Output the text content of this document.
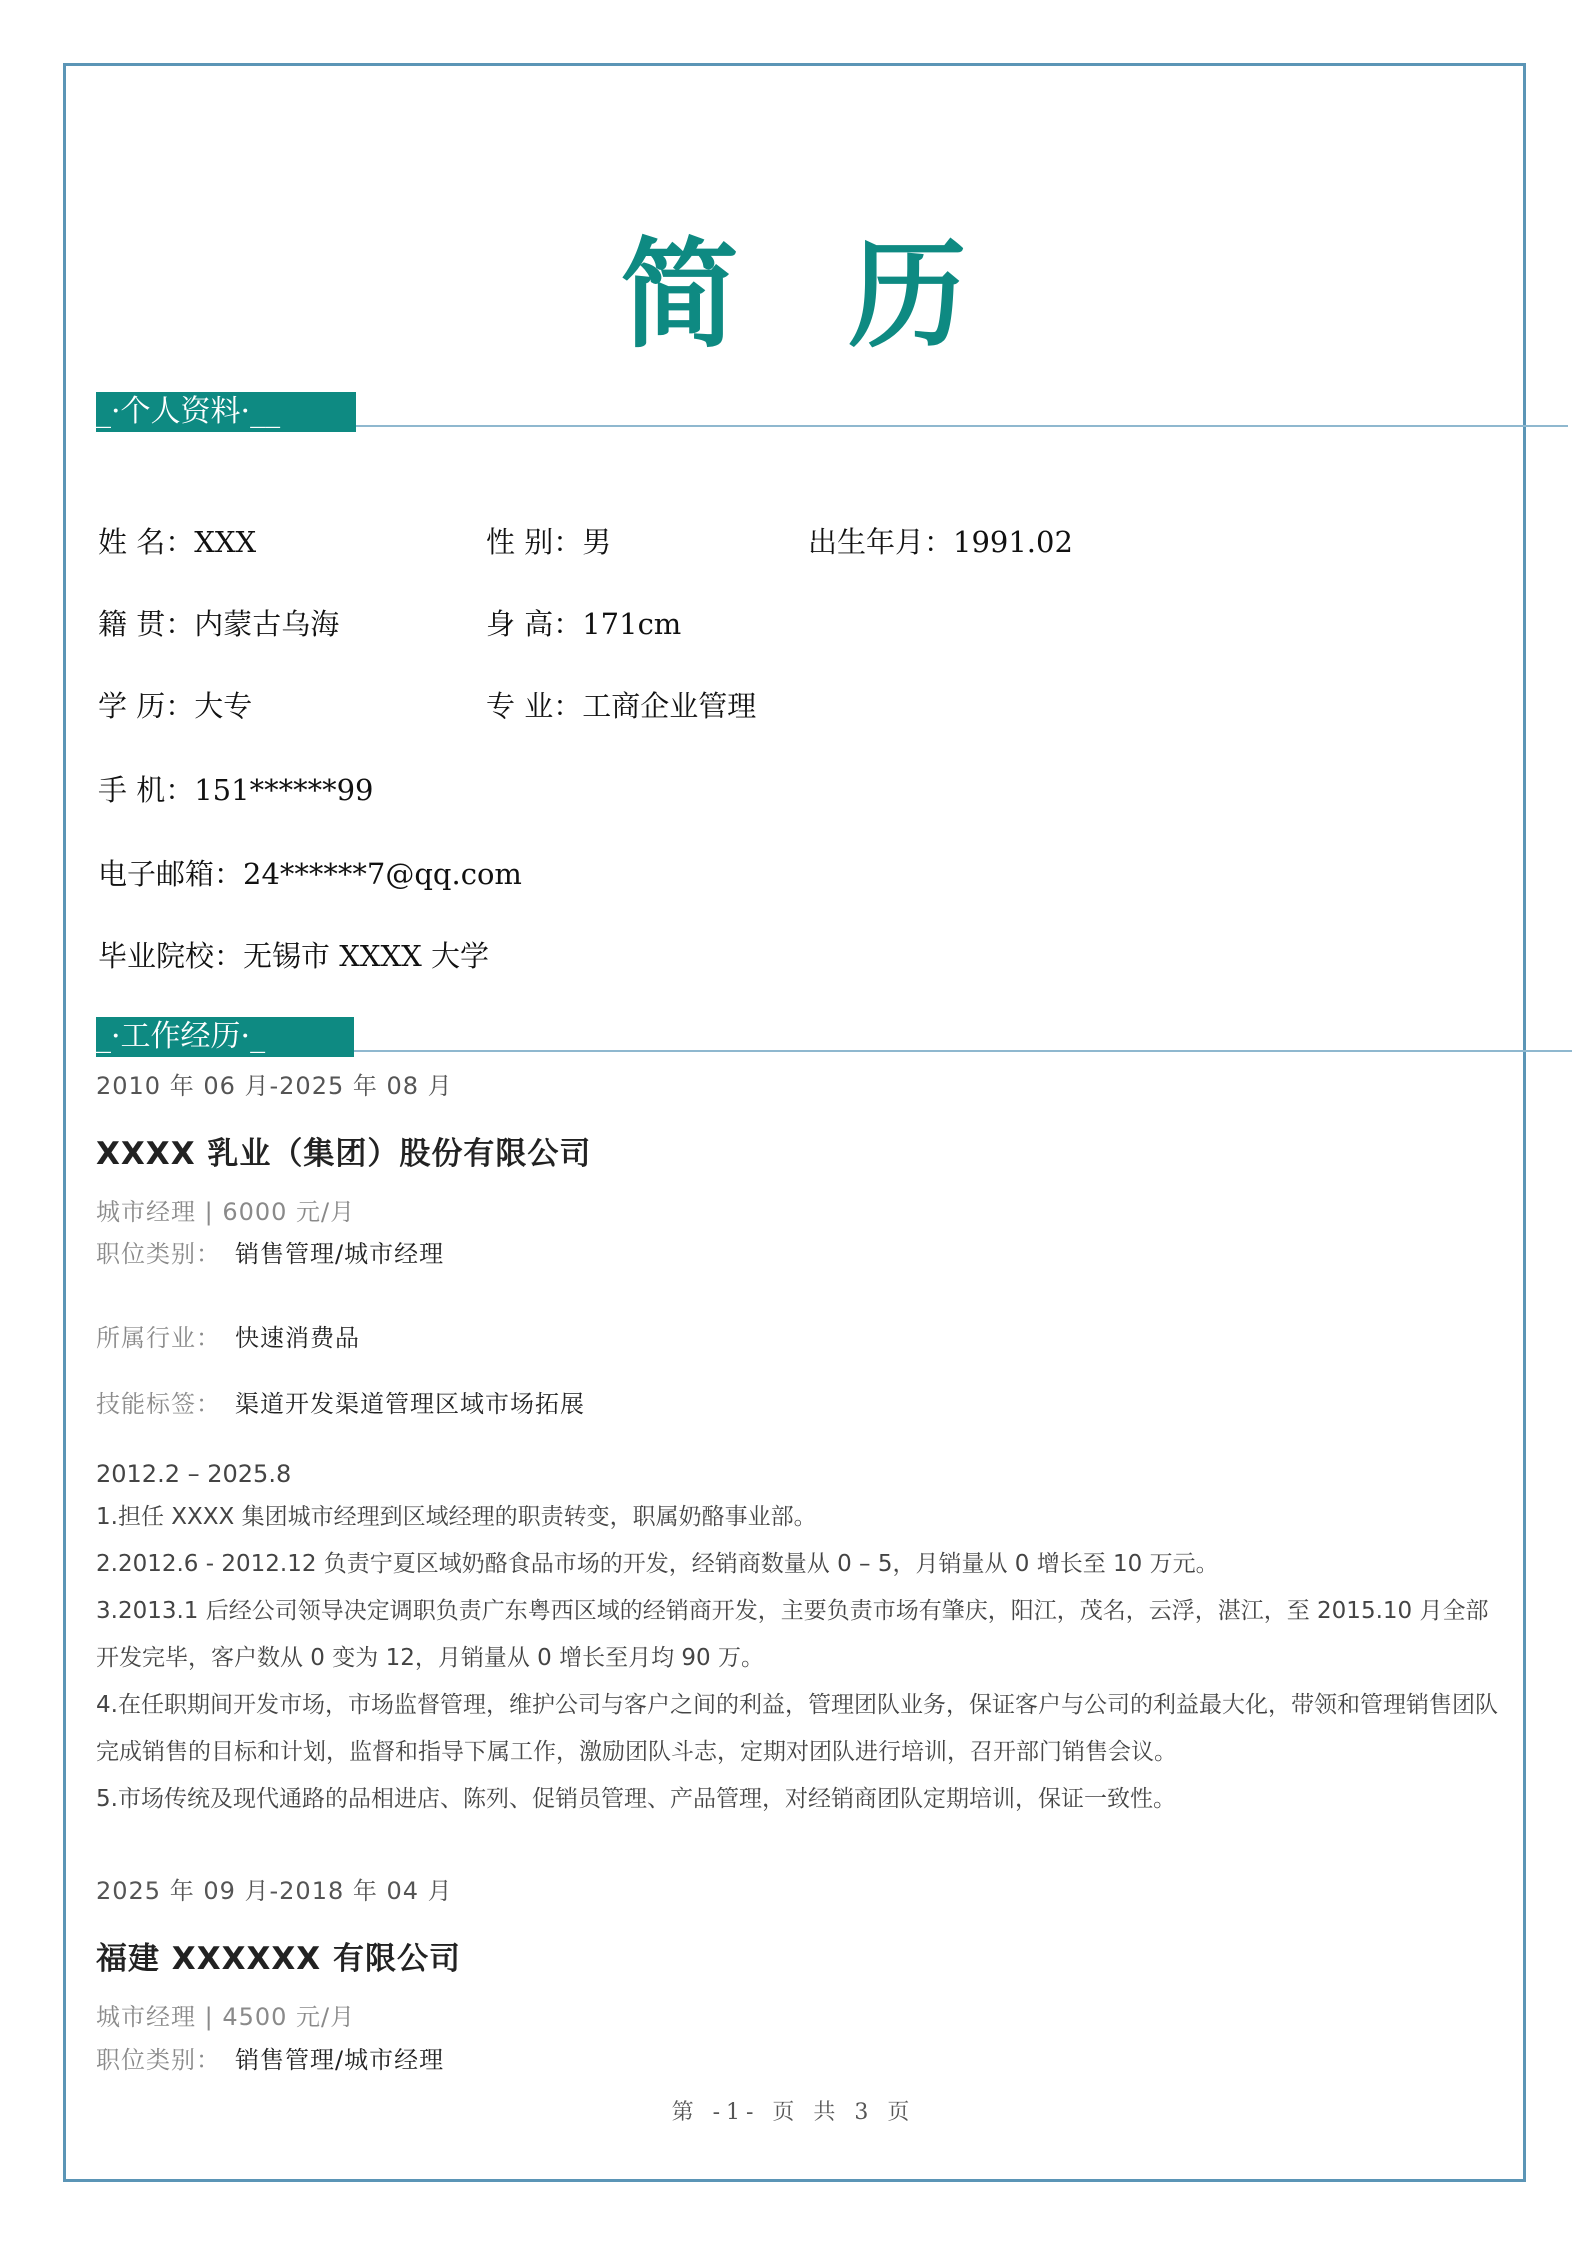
简 历
_·个人资料·__
姓 名：XXX	性 别：男	出生年月：1991.02
籍 贯：内蒙古乌海	身 高：171cm
学 历：大专	专 业：工商企业管理
手 机：151******99
电子邮箱：24******7@qq.com
毕业院校：无锡市 XXXX 大学
_·工作经历·_
2010 年 06 月-2025 年 08 月
XXXX 乳业（集团）股份有限公司
城市经理 | 6000 元/月
职位类别： 销售管理/城市经理
所属行业： 快速消费品
技能标签： 渠道开发渠道管理区域市场拓展
2012.2 – 2025.8

1.担任 XXXX 集团城市经理到区域经理的职责转变，职属奶酪事业部。

2.2012.6 - 2012.12 负责宁夏区域奶酪食品市场的开发，经销商数量从 0 – 5，月销量从 0 增长至 10 万元。

3.2013.1 后经公司领导决定调职负责广东粤西区域的经销商开发，主要负责市场有肇庆，阳江，茂名，云浮，湛江，至 2015.10 月全部开发完毕，客户数从 0 变为 12，月销量从 0 增长至月均 90 万。

4.在任职期间开发市场，市场监督管理，维护公司与客户之间的利益，管理团队业务，保证客户与公司的利益最大化，带领和管理销售团队完成销售的目标和计划，监督和指导下属工作，激励团队斗志，定期对团队进行培训，召开部门销售会议。

5.市场传统及现代通路的品相进店、陈列、促销员管理、产品管理，对经销商团队定期培训，保证一致性。

2025 年 09 月-2018 年 04 月
福建 XXXXXX 有限公司
城市经理 | 4500 元/月
职位类别： 销售管理/城市经理
第 -1- 页 共 3 页
